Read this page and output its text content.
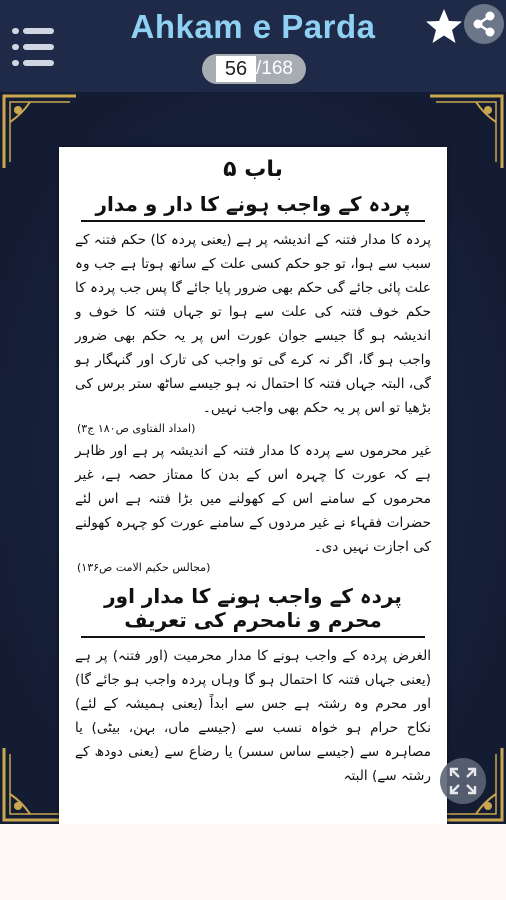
Ahkam e Parda
56 / 168
باب ۵
پردہ کے واجب ہونے کا دار و مدار

پردہ کا مدار فتنہ کے اندیشہ پر ہے (یعنی پردہ کا) حکم فتنہ کے سبب سے ہوا، تو جو حکم کسی علت کے ساتھ ہوتا ہے جب وہ علت پائی جائے گی حکم بھی ضرور پایا جائے گا پس جب پردہ کا حکم خوف فتنہ کی علت سے ہوا تو جہاں فتنہ کا خوف و اندیشہ ہو گا جیسے جوان عورت اس پر یہ حکم بھی ضرور واجب ہو گا، اگر نہ کرے گی تو واجب کی تارک اور گنہگار ہو گی، البتہ جہاں فتنہ کا احتمال نہ ہو جیسے ساٹھ ستر برس کی بڑھیا تو اس پر یہ حکم بھی واجب نہیں۔

(امداد الفتاوی ص۱۸۰ ج۳)

غیر محرموں سے پردہ کا مدار فتنہ کے اندیشہ پر ہے اور ظاہر ہے کہ عورت کا چہرہ اس کے بدن کا ممتاز حصہ ہے، غیر محرموں کے سامنے اس کے کھولنے میں بڑا فتنہ ہے اس لئے حضرات فقہاء نے غیر مردوں کے سامنے عورت کو چہرہ کھولنے کی اجازت نہیں دی۔

(مجالس حکیم الامت ص۱۳۶)
پردہ کے واجب ہونے کا مدار اور محرم و نامحرم کی تعریف

الغرض پردہ کے واجب ہونے کا مدار محرمیت (اور فتنہ) پر ہے (یعنی جہاں فتنہ کا احتمال ہو گا وہاں پردہ واجب ہو جائے گا) اور محرم وہ رشتہ ہے جس سے ابداً (یعنی ہمیشہ کے لئے) نکاح حرام ہو خواہ نسب سے (جیسے ماں، بہن، بیٹی) یا مصاہرہ سے (جیسے ساس سسر) یا رضاع سے (یعنی دودھ کے رشتہ سے) البتہ
